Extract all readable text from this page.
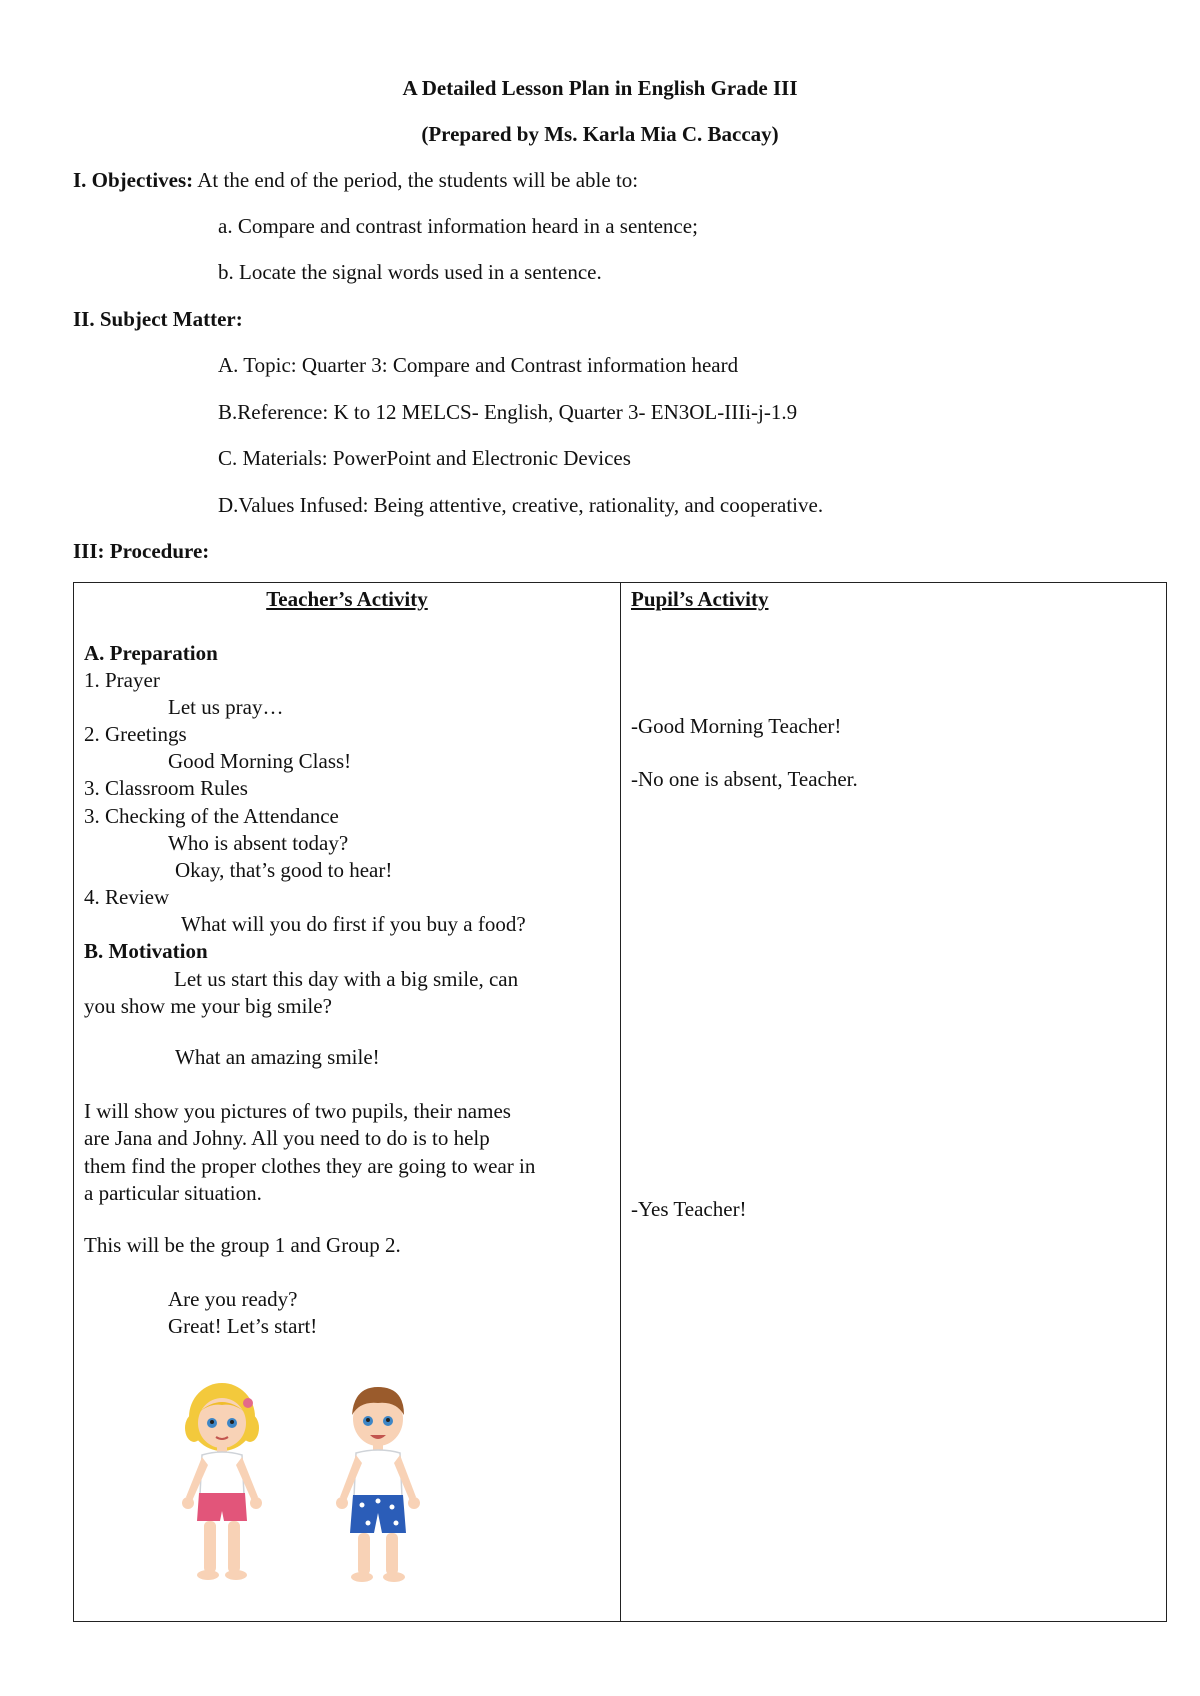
A Detailed Lesson Plan in English Grade III
(Prepared by Ms. Karla Mia C. Baccay)
I. Objectives: At the end of the period, the students will be able to:
a. Compare and contrast information heard in a sentence;
b. Locate the signal words used in a sentence.
II. Subject Matter:
A. Topic: Quarter 3: Compare and Contrast information heard
B.Reference: K to 12 MELCS- English, Quarter 3- EN3OL-IIIi-j-1.9
C. Materials: PowerPoint and Electronic Devices
D.Values Infused: Being attentive, creative, rationality, and cooperative.
III: Procedure:
Teacher’s Activity	Pupil’s Activity
A. Preparation
1. Prayer
Let us pray…
2. Greetings
Good Morning Class!
3. Classroom Rules
3. Checking of the Attendance
Who is absent today?
Okay, that’s good to hear!
4. Review
What will you do first if you buy a food?
B. Motivation
Let us start this day with a big smile, can
you show me your big smile?
What an amazing smile!
I will show you pictures of two pupils, their names
are Jana and Johny. All you need to do is to help
them find the proper clothes they are going to wear in
a particular situation.
This will be the group 1 and Group 2.
Are you ready?
Great! Let’s start!
-Good Morning Teacher!
-No one is absent, Teacher.
-Yes Teacher!
